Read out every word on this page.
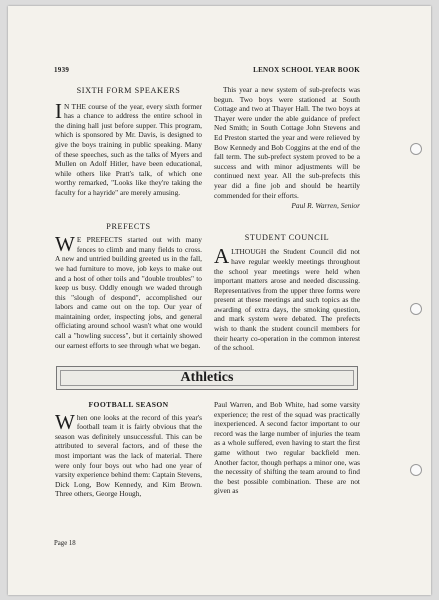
1939	LENOX SCHOOL YEAR BOOK
SIXTH FORM SPEAKERS

I N THE course of the year, every sixth former has a chance to address the entire school in the dining hall just before supper. This program, which is sponsored by Mr. Davis, is designed to give the boys training in public speaking. Many of these speeches, such as the talks of Myers and Mullen on Adolf Hitler, have been educational, while others like Pratt's talk, of which one worthy remarked, "Looks like they're taking the faculty for a hayride" are merely amusing.

PREFECTS

W E PREFECTS started out with many fences to climb and many fields to cross. A new and untried building greeted us in the fall, we had furniture to move, job keys to make out and a host of other toils and "double troubles" to keep us busy. Oddly enough we waded through this "slough of despond", accomplished our labors and came out on the top. Our year of maintaining order, inspecting jobs, and general officiating around school wasn't what one would call a "howling success", but it certainly showed our earnest efforts to see through what we began.

This year a new system of sub-prefects was begun. Two boys were stationed at South Cottage and two at Thayer Hall. The two boys at Thayer were under the able guidance of prefect Ned Smith; in South Cottage John Stevens and Ed Preston started the year and were relieved by Bow Kennedy and Bob Coggins at the end of the fall term. The sub-prefect system proved to be a success and with minor adjustments will be continued next year. All the sub-prefects this year did a fine job and should be heartily commended for their efforts.

Paul R. Warren, Senior
STUDENT COUNCIL

ALTHOUGH the Student Council did not have regular weekly meetings throughout the school year meetings were held when important matters arose and needed discussing. Representatives from the upper three forms were present at these meetings and such topics as the awarding of extra days, the smoking question, and mark system were debated. The prefects wish to thank the student council members for their hearty co-operation in the common interest of the school.

Athletics
FOOTBALL SEASON

When one looks at the record of this year's football team it is fairly obvious that the season was definitely unsuccessful. This can be attributed to several factors, and of these the most important was the lack of material. There were only four boys out who had one year of varsity experience behind them: Captain Stevens, Dick Long, Bow Kennedy, and Kim Brown. Three others, George Hough,

Paul Warren, and Bob White, had some varsity experience; the rest of the squad was practically inexperienced. A second factor important to our record was the large number of injuries the team as a whole suffered, even having to start the first game without two regular backfield men. Another factor, though perhaps a minor one, was the necessity of shifting the team around to find the best possible combination. These are not given as

Page 18
